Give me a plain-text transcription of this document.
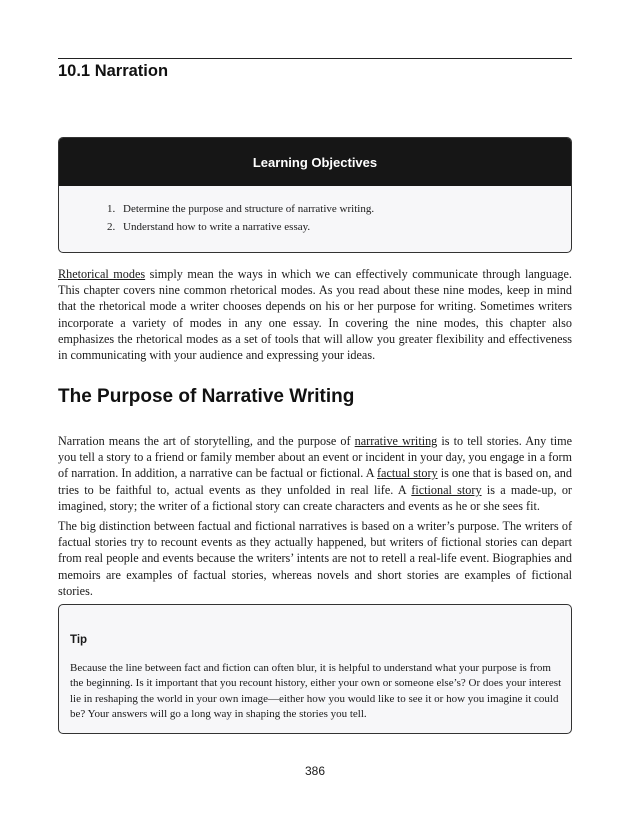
10.1 Narration
Learning Objectives
1. Determine the purpose and structure of narrative writing.
2. Understand how to write a narrative essay.

Rhetorical modes simply mean the ways in which we can effectively communicate through language. This chapter covers nine common rhetorical modes. As you read about these nine modes, keep in mind that the rhetorical mode a writer chooses depends on his or her purpose for writing. Sometimes writers incorporate a variety of modes in any one essay. In covering the nine modes, this chapter also emphasizes the rhetorical modes as a set of tools that will allow you greater flexibility and effectiveness in communicating with your audience and expressing your ideas.

The Purpose of Narrative Writing

Narration means the art of storytelling, and the purpose of narrative writing is to tell stories. Any time you tell a story to a friend or family member about an event or incident in your day, you engage in a form of narration. In addition, a narrative can be factual or fictional. A factual story is one that is based on, and tries to be faithful to, actual events as they unfolded in real life. A fictional story is a made-up, or imagined, story; the writer of a fictional story can create characters and events as he or she sees fit.

The big distinction between factual and fictional narratives is based on a writer’s purpose. The writers of factual stories try to recount events as they actually happened, but writers of fictional stories can depart from real people and events because the writers’ intents are not to retell a real-life event. Biographies and memoirs are examples of factual stories, whereas novels and short stories are examples of fictional stories.

Tip

Because the line between fact and fiction can often blur, it is helpful to understand what your purpose is from the beginning. Is it important that you recount history, either your own or someone else’s? Or does your interest lie in reshaping the world in your own image—either how you would like to see it or how you imagine it could be? Your answers will go a long way in shaping the stories you tell.

386
